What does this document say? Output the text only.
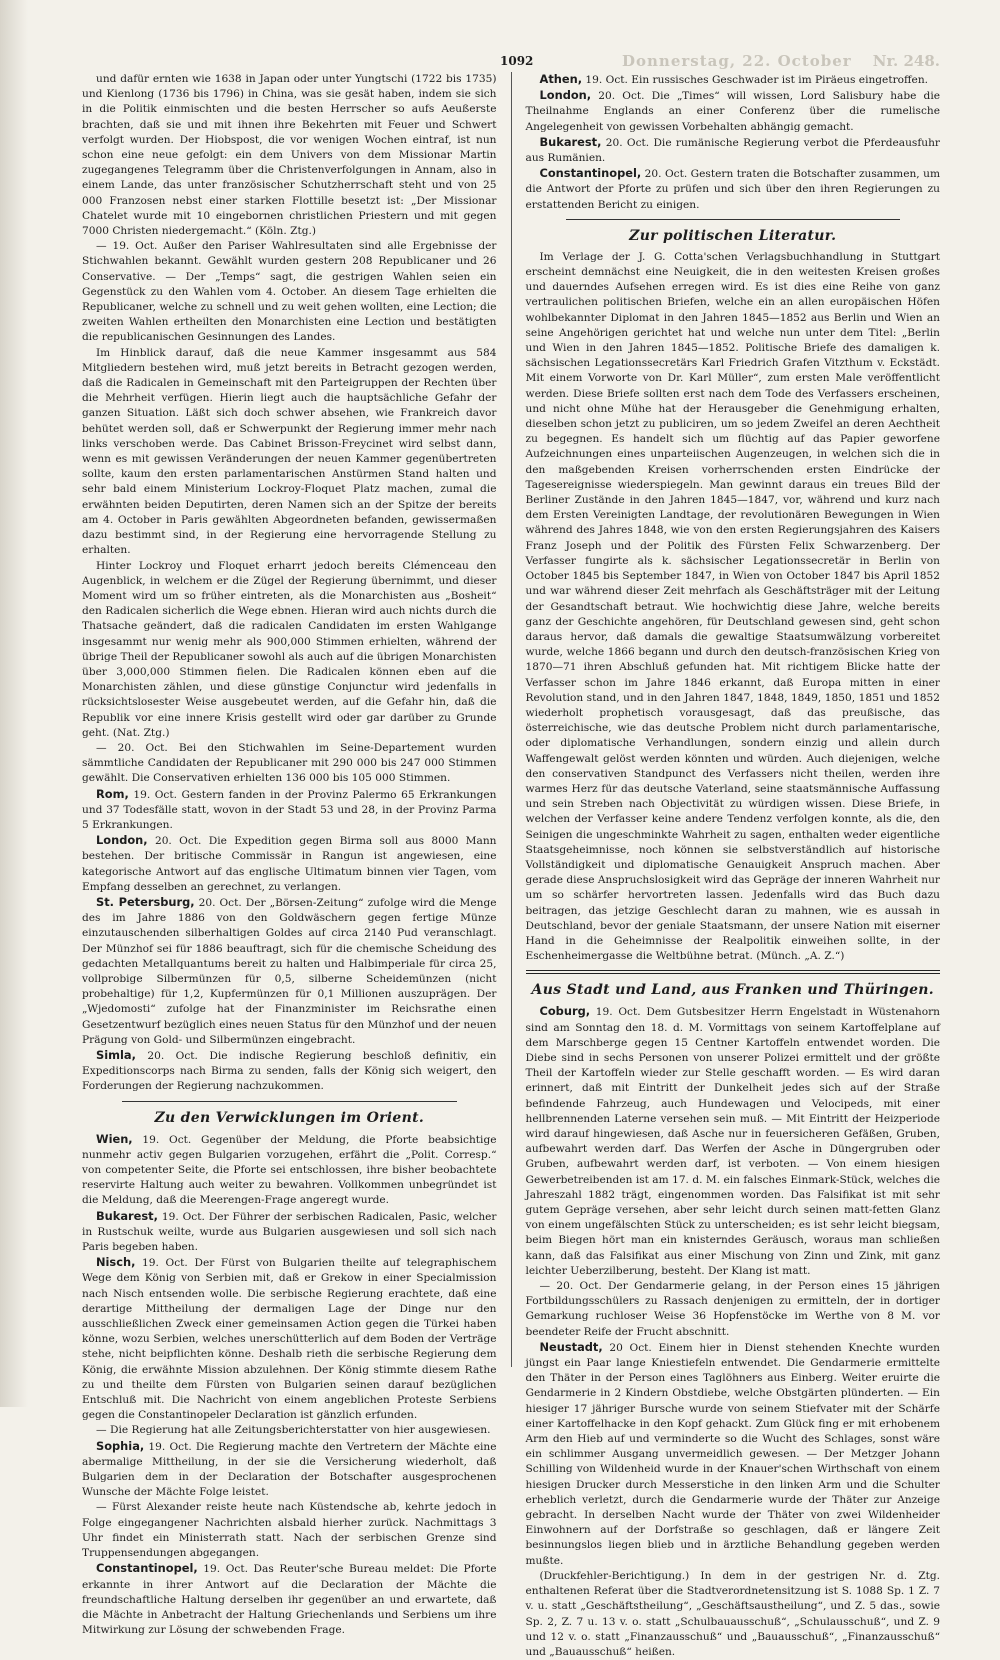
1092	Donnerstag, 22. October Nr. 248.

und dafür ernten wie 1638 in Japan oder unter Yungtschi (1722 bis 1735) und Kienlong (1736 bis 1796) in China, was sie gesät haben, indem sie sich in die Politik einmischten und die besten Herrscher so aufs Aeußerste brachten, daß sie und mit ihnen ihre Bekehrten mit Feuer und Schwert verfolgt wurden. Der Hiobspost, die vor wenigen Wochen eintraf, ist nun schon eine neue gefolgt: ein dem Univers von dem Missionar Martin zugegangenes Telegramm über die Christenverfolgungen in Annam, also in einem Lande, das unter französischer Schutzherrschaft steht und von 25 000 Franzosen nebst einer starken Flottille besetzt ist: „Der Missionar Chatelet wurde mit 10 eingebornen christlichen Priestern und mit gegen 7000 Christen niedergemacht.“ (Köln. Ztg.)

— 19. Oct. Außer den Pariser Wahlresultaten sind alle Ergebnisse der Stichwahlen bekannt. Gewählt wurden gestern 208 Republicaner und 26 Conservative. — Der „Temps“ sagt, die gestrigen Wahlen seien ein Gegenstück zu den Wahlen vom 4. October. An diesem Tage erhielten die Republicaner, welche zu schnell und zu weit gehen wollten, eine Lection; die zweiten Wahlen ertheilten den Monarchisten eine Lection und bestätigten die republicanischen Gesinnungen des Landes.

Im Hinblick darauf, daß die neue Kammer insgesammt aus 584 Mitgliedern bestehen wird, muß jetzt bereits in Betracht gezogen werden, daß die Radicalen in Gemeinschaft mit den Parteigruppen der Rechten über die Mehrheit verfügen. Hierin liegt auch die hauptsächliche Gefahr der ganzen Situation. Läßt sich doch schwer absehen, wie Frankreich davor behütet werden soll, daß er Schwerpunkt der Regierung immer mehr nach links verschoben werde. Das Cabinet Brisson-Freycinet wird selbst dann, wenn es mit gewissen Veränderungen der neuen Kammer gegenübertreten sollte, kaum den ersten parlamentarischen Anstürmen Stand halten und sehr bald einem Ministerium Lockroy-Floquet Platz machen, zumal die erwähnten beiden Deputirten, deren Namen sich an der Spitze der bereits am 4. October in Paris gewählten Abgeordneten befanden, gewissermaßen dazu bestimmt sind, in der Regierung eine hervorragende Stellung zu erhalten.

Hinter Lockroy und Floquet erharrt jedoch bereits Clémenceau den Augenblick, in welchem er die Zügel der Regierung übernimmt, und dieser Moment wird um so früher eintreten, als die Monarchisten aus „Bosheit“ den Radicalen sicherlich die Wege ebnen. Hieran wird auch nichts durch die Thatsache geändert, daß die radicalen Candidaten im ersten Wahlgange insgesammt nur wenig mehr als 900,000 Stimmen erhielten, während der übrige Theil der Republicaner sowohl als auch auf die übrigen Monarchisten über 3,000,000 Stimmen fielen. Die Radicalen können eben auf die Monarchisten zählen, und diese günstige Conjunctur wird jedenfalls in rücksichtslosester Weise ausgebeutet werden, auf die Gefahr hin, daß die Republik vor eine innere Krisis gestellt wird oder gar darüber zu Grunde geht. (Nat. Ztg.)

— 20. Oct. Bei den Stichwahlen im Seine-Departement wurden sämmtliche Candidaten der Republicaner mit 290 000 bis 247 000 Stimmen gewählt. Die Conservativen erhielten 136 000 bis 105 000 Stimmen.

Rom, 19. Oct. Gestern fanden in der Provinz Palermo 65 Erkrankungen und 37 Todesfälle statt, wovon in der Stadt 53 und 28, in der Provinz Parma 5 Erkrankungen.

London, 20. Oct. Die Expedition gegen Birma soll aus 8000 Mann bestehen. Der britische Commissär in Rangun ist angewiesen, eine kategorische Antwort auf das englische Ultimatum binnen vier Tagen, vom Empfang desselben an gerechnet, zu verlangen.

St. Petersburg, 20. Oct. Der „Börsen-Zeitung“ zufolge wird die Menge des im Jahre 1886 von den Goldwäschern gegen fertige Münze einzutauschenden silberhaltigen Goldes auf circa 2140 Pud veranschlagt. Der Münzhof sei für 1886 beauftragt, sich für die chemische Scheidung des gedachten Metallquantums bereit zu halten und Halbimperiale für circa 25, vollprobige Silbermünzen für 0,5, silberne Scheidemünzen (nicht probehaltige) für 1,2, Kupfermünzen für 0,1 Millionen auszuprägen. Der „Wjedomosti“ zufolge hat der Finanzminister im Reichsrathe einen Gesetzentwurf bezüglich eines neuen Status für den Münzhof und der neuen Prägung von Gold- und Silbermünzen eingebracht.

Simla, 20. Oct. Die indische Regierung beschloß definitiv, ein Expeditionscorps nach Birma zu senden, falls der König sich weigert, den Forderungen der Regierung nachzukommen.

Zu den Verwicklungen im Orient.

Wien, 19. Oct. Gegenüber der Meldung, die Pforte beabsichtige nunmehr activ gegen Bulgarien vorzugehen, erfährt die „Polit. Corresp.“ von competenter Seite, die Pforte sei entschlossen, ihre bisher beobachtete reservirte Haltung auch weiter zu bewahren. Vollkommen unbegründet ist die Meldung, daß die Meerengen-Frage angeregt wurde.

Bukarest, 19. Oct. Der Führer der serbischen Radicalen, Pasic, welcher in Rustschuk weilte, wurde aus Bulgarien ausgewiesen und soll sich nach Paris begeben haben.

Nisch, 19. Oct. Der Fürst von Bulgarien theilte auf telegraphischem Wege dem König von Serbien mit, daß er Grekow in einer Specialmission nach Nisch entsenden wolle. Die serbische Regierung erachtete, daß eine derartige Mittheilung der dermaligen Lage der Dinge nur den ausschließlichen Zweck einer gemeinsamen Action gegen die Türkei haben könne, wozu Serbien, welches unerschütterlich auf dem Boden der Verträge stehe, nicht beipflichten könne. Deshalb rieth die serbische Regierung dem König, die erwähnte Mission abzulehnen. Der König stimmte diesem Rathe zu und theilte dem Fürsten von Bulgarien seinen darauf bezüglichen Entschluß mit. Die Nachricht von einem angeblichen Proteste Serbiens gegen die Constantinopeler Declaration ist gänzlich erfunden.

— Die Regierung hat alle Zeitungsberichterstatter von hier ausgewiesen.

Sophia, 19. Oct. Die Regierung machte den Vertretern der Mächte eine abermalige Mittheilung, in der sie die Versicherung wiederholt, daß Bulgarien dem in der Declaration der Botschafter ausgesprochenen Wunsche der Mächte Folge leistet.

— Fürst Alexander reiste heute nach Küstendsche ab, kehrte jedoch in Folge eingegangener Nachrichten alsbald hierher zurück. Nachmittags 3 Uhr findet ein Ministerrath statt. Nach der serbischen Grenze sind Truppensendungen abgegangen.

Constantinopel, 19. Oct. Das Reuter'sche Bureau meldet: Die Pforte erkannte in ihrer Antwort auf die Declaration der Mächte die freundschaftliche Haltung derselben ihr gegenüber an und erwartete, daß die Mächte in Anbetracht der Haltung Griechenlands und Serbiens um ihre Mitwirkung zur Lösung der schwebenden Frage.

Athen, 19. Oct. Ein russisches Geschwader ist im Piräeus eingetroffen.

London, 20. Oct. Die „Times“ will wissen, Lord Salisbury habe die Theilnahme Englands an einer Conferenz über die rumelische Angelegenheit von gewissen Vorbehalten abhängig gemacht.

Bukarest, 20. Oct. Die rumänische Regierung verbot die Pferdeausfuhr aus Rumänien.

Constantinopel, 20. Oct. Gestern traten die Botschafter zusammen, um die Antwort der Pforte zu prüfen und sich über den ihren Regierungen zu erstattenden Bericht zu einigen.

Zur politischen Literatur.

Im Verlage der J. G. Cotta'schen Verlagsbuchhandlung in Stuttgart erscheint demnächst eine Neuigkeit, die in den weitesten Kreisen großes und dauerndes Aufsehen erregen wird. Es ist dies eine Reihe von ganz vertraulichen politischen Briefen, welche ein an allen europäischen Höfen wohlbekannter Diplomat in den Jahren 1845—1852 aus Berlin und Wien an seine Angehörigen gerichtet hat und welche nun unter dem Titel: „Berlin und Wien in den Jahren 1845—1852. Politische Briefe des damaligen k. sächsischen Legationssecretärs Karl Friedrich Grafen Vitzthum v. Eckstädt. Mit einem Vorworte von Dr. Karl Müller“, zum ersten Male veröffentlicht werden. Diese Briefe sollten erst nach dem Tode des Verfassers erscheinen, und nicht ohne Mühe hat der Herausgeber die Genehmigung erhalten, dieselben schon jetzt zu publiciren, um so jedem Zweifel an deren Aechtheit zu begegnen. Es handelt sich um flüchtig auf das Papier geworfene Aufzeichnungen eines unparteiischen Augenzeugen, in welchen sich die in den maßgebenden Kreisen vorherrschenden ersten Eindrücke der Tagesereignisse wiederspiegeln. Man gewinnt daraus ein treues Bild der Berliner Zustände in den Jahren 1845—1847, vor, während und kurz nach dem Ersten Vereinigten Landtage, der revolutionären Bewegungen in Wien während des Jahres 1848, wie von den ersten Regierungsjahren des Kaisers Franz Joseph und der Politik des Fürsten Felix Schwarzenberg. Der Verfasser fungirte als k. sächsischer Legationssecretär in Berlin von October 1845 bis September 1847, in Wien von October 1847 bis April 1852 und war während dieser Zeit mehrfach als Geschäftsträger mit der Leitung der Gesandtschaft betraut. Wie hochwichtig diese Jahre, welche bereits ganz der Geschichte angehören, für Deutschland gewesen sind, geht schon daraus hervor, daß damals die gewaltige Staatsumwälzung vorbereitet wurde, welche 1866 begann und durch den deutsch-französischen Krieg von 1870—71 ihren Abschluß gefunden hat. Mit richtigem Blicke hatte der Verfasser schon im Jahre 1846 erkannt, daß Europa mitten in einer Revolution stand, und in den Jahren 1847, 1848, 1849, 1850, 1851 und 1852 wiederholt prophetisch vorausgesagt, daß das preußische, das österreichische, wie das deutsche Problem nicht durch parlamentarische, oder diplomatische Verhandlungen, sondern einzig und allein durch Waffengewalt gelöst werden könnten und würden. Auch diejenigen, welche den conservativen Standpunct des Verfassers nicht theilen, werden ihre warmes Herz für das deutsche Vaterland, seine staatsmännische Auffassung und sein Streben nach Objectivität zu würdigen wissen. Diese Briefe, in welchen der Verfasser keine andere Tendenz verfolgen konnte, als die, den Seinigen die ungeschminkte Wahrheit zu sagen, enthalten weder eigentliche Staatsgeheimnisse, noch können sie selbstverständlich auf historische Vollständigkeit und diplomatische Genauigkeit Anspruch machen. Aber gerade diese Anspruchslosigkeit wird das Gepräge der inneren Wahrheit nur um so schärfer hervortreten lassen. Jedenfalls wird das Buch dazu beitragen, das jetzige Geschlecht daran zu mahnen, wie es aussah in Deutschland, bevor der geniale Staatsmann, der unsere Nation mit eiserner Hand in die Geheimnisse der Realpolitik einweihen sollte, in der Eschenheimergasse die Weltbühne betrat. (Münch. „A. Z.“)

Aus Stadt und Land, aus Franken und Thüringen.

Coburg, 19. Oct. Dem Gutsbesitzer Herrn Engelstadt in Wüstenahorn sind am Sonntag den 18. d. M. Vormittags von seinem Kartoffelplane auf dem Marschberge gegen 15 Centner Kartoffeln entwendet worden. Die Diebe sind in sechs Personen von unserer Polizei ermittelt und der größte Theil der Kartoffeln wieder zur Stelle geschafft worden. — Es wird daran erinnert, daß mit Eintritt der Dunkelheit jedes sich auf der Straße befindende Fahrzeug, auch Hundewagen und Velocipeds, mit einer hellbrennenden Laterne versehen sein muß. — Mit Eintritt der Heizperiode wird darauf hingewiesen, daß Asche nur in feuersicheren Gefäßen, Gruben, aufbewahrt werden darf. Das Werfen der Asche in Düngergruben oder Gruben, aufbewahrt werden darf, ist verboten. — Von einem hiesigen Gewerbetreibenden ist am 17. d. M. ein falsches Einmark-Stück, welches die Jahreszahl 1882 trägt, eingenommen worden. Das Falsifikat ist mit sehr gutem Gepräge versehen, aber sehr leicht durch seinen matt-fetten Glanz von einem ungefälschten Stück zu unterscheiden; es ist sehr leicht biegsam, beim Biegen hört man ein knisterndes Geräusch, woraus man schließen kann, daß das Falsifikat aus einer Mischung von Zinn und Zink, mit ganz leichter Ueberzilberung, besteht. Der Klang ist matt.

— 20. Oct. Der Gendarmerie gelang, in der Person eines 15 jährigen Fortbildungsschülers zu Rassach denjenigen zu ermitteln, der in dortiger Gemarkung ruchloser Weise 36 Hopfenstöcke im Werthe von 8 M. vor beendeter Reife der Frucht abschnitt.

Neustadt, 20 Oct. Einem hier in Dienst stehenden Knechte wurden jüngst ein Paar lange Kniestiefeln entwendet. Die Gendarmerie ermittelte den Thäter in der Person eines Taglöhners aus Einberg. Weiter eruirte die Gendarmerie in 2 Kindern Obstdiebe, welche Obstgärten plünderten. — Ein hiesiger 17 jähriger Bursche wurde von seinem Stiefvater mit der Schärfe einer Kartoffelhacke in den Kopf gehackt. Zum Glück fing er mit erhobenem Arm den Hieb auf und verminderte so die Wucht des Schlages, sonst wäre ein schlimmer Ausgang unvermeidlich gewesen. — Der Metzger Johann Schilling von Wildenheid wurde in der Knauer'schen Wirthschaft von einem hiesigen Drucker durch Messerstiche in den linken Arm und die Schulter erheblich verletzt, durch die Gendarmerie wurde der Thäter zur Anzeige gebracht. In derselben Nacht wurde der Thäter von zwei Wildenheider Einwohnern auf der Dorfstraße so geschlagen, daß er längere Zeit besinnungslos liegen blieb und in ärztliche Behandlung gegeben werden mußte.

(Druckfehler-Berichtigung.) In dem in der gestrigen Nr. d. Ztg. enthaltenen Referat über die Stadtverordnetensitzung ist S. 1088 Sp. 1 Z. 7 v. u. statt „Geschäftstheilung“, „Geschäftsaustheilung“, und Z. 5 das., sowie Sp. 2, Z. 7 u. 13 v. o. statt „Schulbauausschuß“, „Schulausschuß“, und Z. 9 und 12 v. o. statt „Finanzausschuß“ und „Bauausschuß“, „Finanzausschuß“ und „Bauausschuß“ heißen.
